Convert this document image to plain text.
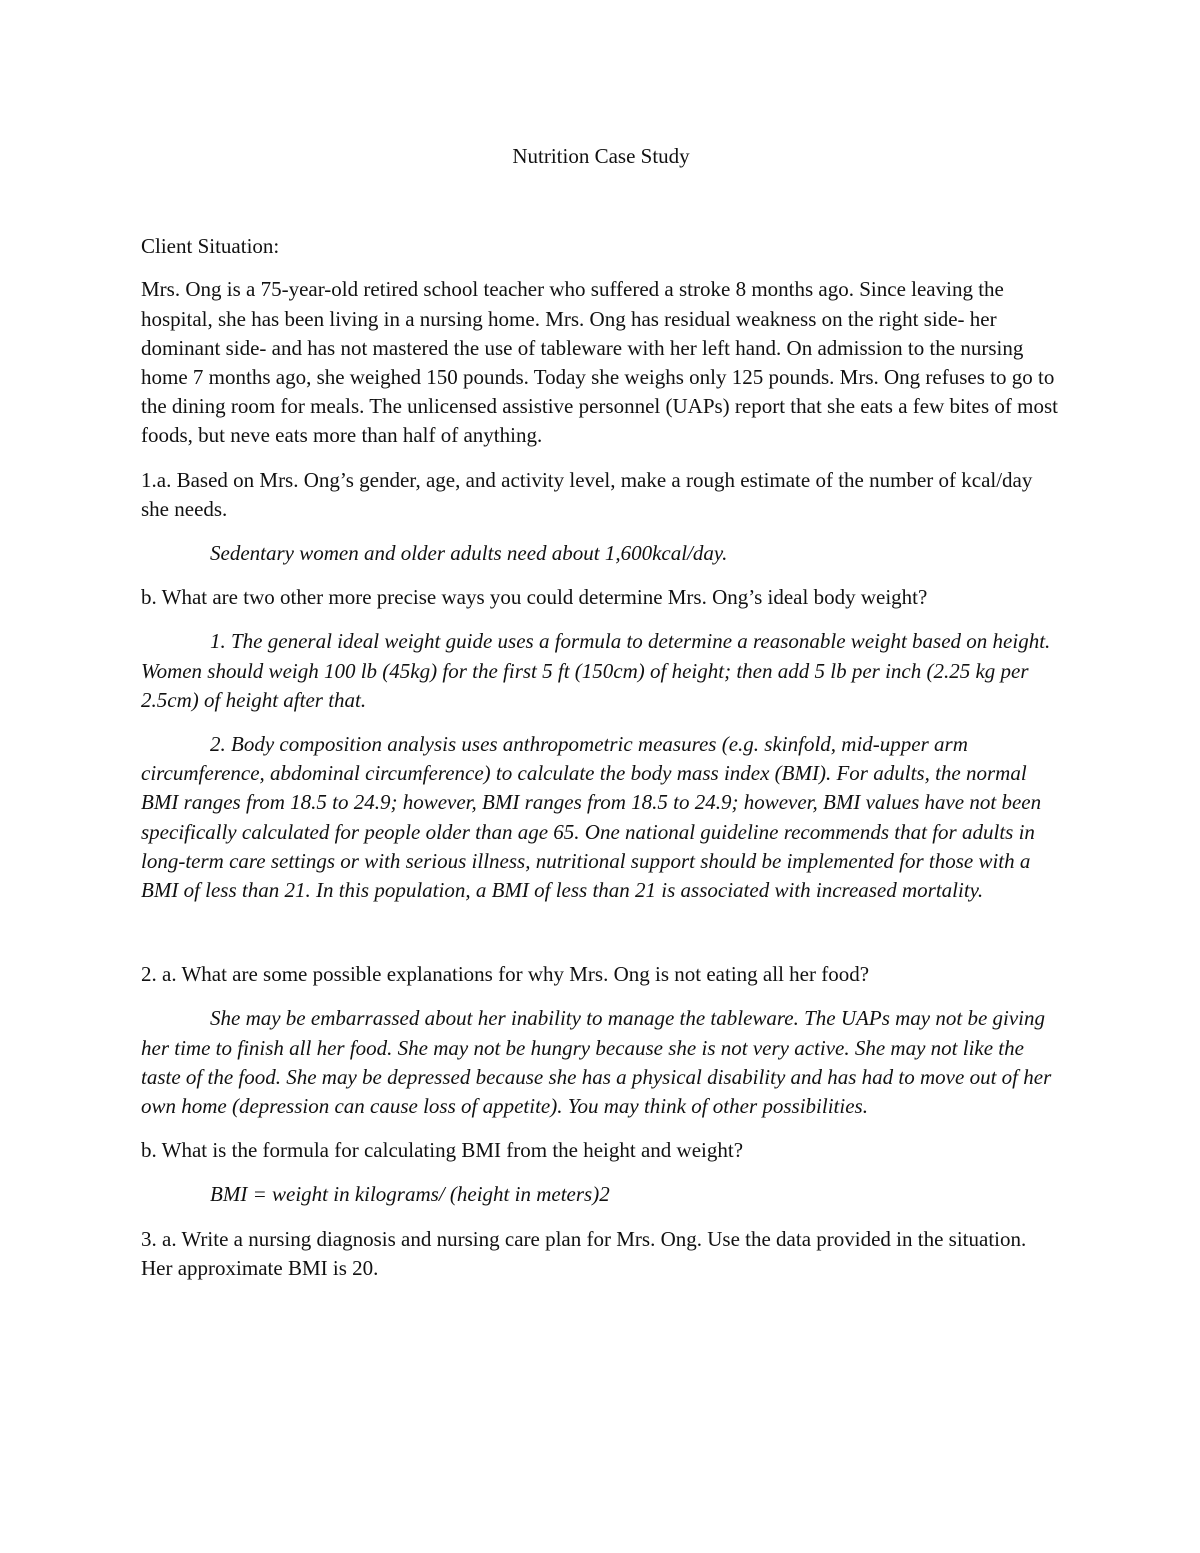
Nutrition Case Study

Client Situation:

Mrs. Ong is a 75-year-old retired school teacher who suffered a stroke 8 months ago. Since leaving the hospital, she has been living in a nursing home. Mrs. Ong has residual weakness on the right side- her dominant side- and has not mastered the use of tableware with her left hand. On admission to the nursing home 7 months ago, she weighed 150 pounds. Today she weighs only 125 pounds. Mrs. Ong refuses to go to the dining room for meals. The unlicensed assistive personnel (UAPs) report that she eats a few bites of most foods, but neve eats more than half of anything.

1.a. Based on Mrs. Ong’s gender, age, and activity level, make a rough estimate of the number of kcal/day she needs.

Sedentary women and older adults need about 1,600kcal/day.

b. What are two other more precise ways you could determine Mrs. Ong’s ideal body weight?

1. The general ideal weight guide uses a formula to determine a reasonable weight based on height. Women should weigh 100 lb (45kg) for the first 5 ft (150cm) of height; then add 5 lb per inch (2.25 kg per 2.5cm) of height after that.

2. Body composition analysis uses anthropometric measures (e.g. skinfold, mid-upper arm circumference, abdominal circumference) to calculate the body mass index (BMI). For adults, the normal BMI ranges from 18.5 to 24.9; however, BMI ranges from 18.5 to 24.9; however, BMI values have not been specifically calculated for people older than age 65. One national guideline recommends that for adults in long-term care settings or with serious illness, nutritional support should be implemented for those with a BMI of less than 21. In this population, a BMI of less than 21 is associated with increased mortality.

2. a. What are some possible explanations for why Mrs. Ong is not eating all her food?

She may be embarrassed about her inability to manage the tableware. The UAPs may not be giving her time to finish all her food. She may not be hungry because she is not very active. She may not like the taste of the food. She may be depressed because she has a physical disability and has had to move out of her own home (depression can cause loss of appetite). You may think of other possibilities.

b. What is the formula for calculating BMI from the height and weight?

BMI = weight in kilograms/ (height in meters)2

3. a. Write a nursing diagnosis and nursing care plan for Mrs. Ong. Use the data provided in the situation. Her approximate BMI is 20.
